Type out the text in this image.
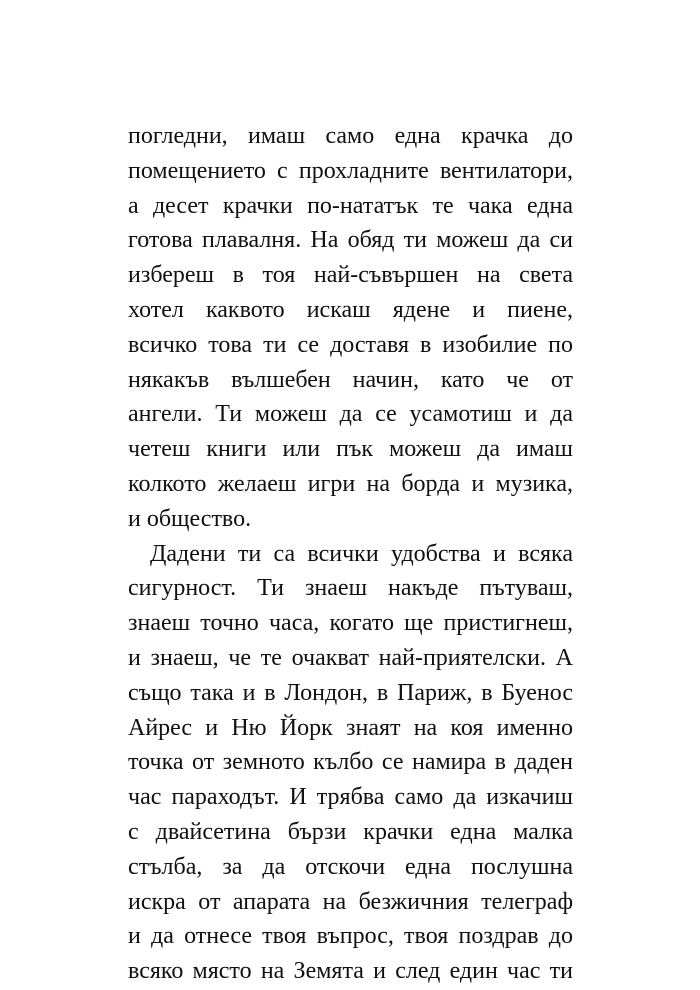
погледни, имаш само една крачка до
помещението с прохладните вентилатори,
а десет крачки по-нататък те чака една
готова плавалня. На обяд ти можеш да си
избереш в тоя най-съвършен на света
хотел каквото искаш ядене и пиене,
всичко това ти се доставя в изобилие по
някакъв вълшебен начин, като че от
ангели. Ти можеш да се усамотиш и да
четеш книги или пък можеш да имаш
колкото желаеш игри на борда и музика,
и общество.
Дадени ти са всички удобства и всяка
сигурност. Ти знаеш накъде пътуваш,
знаеш точно часа, когато ще пристигнеш,
и знаеш, че те очакват най-приятелски. А
също така и в Лондон, в Париж, в Буенос
Айрес и Ню Йорк знаят на коя именно
точка от земното кълбо се намира в даден
час параходът. И трябва само да изкачиш
с двайсетина бързи крачки една малка
стълба, за да отскочи една послушна
искра от апарата на безжичния телеграф
и да отнесе твоя въпрос, твоя поздрав до
всяко място на Земята и след един час ти
